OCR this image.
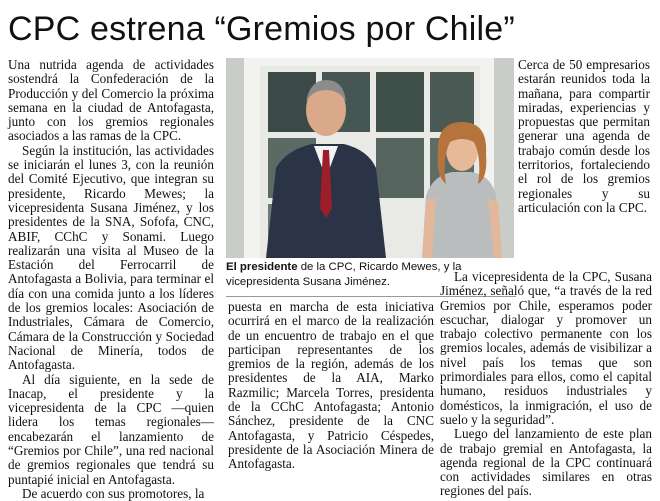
CPC estrena “Gremios por Chile”

Una nutrida agenda de actividades sostendrá la Confederación de la Producción y del Comercio la próxima semana en la ciudad de Antofagasta, junto con los gremios regionales asociados a las ramas de la CPC.

Según la institución, las actividades se iniciarán el lunes 3, con la reunión del Comité Ejecutivo, que integran su presidente, Ricardo Mewes; la vicepresidenta Susana Jiménez, y los presidentes de la SNA, Sofofa, CNC, ABIF, CChC y Sonami. Luego realizarán una visita al Museo de la Estación del Ferrocarril de Antofagasta a Bolivia, para terminar el día con una comida junto a los líderes de los gremios locales: Asociación de Industriales, Cámara de Comercio, Cámara de la Construcción y Sociedad Nacional de Minería, todos de Antofagasta.

Al día siguiente, en la sede de Inacap, el presidente y la vicepresidenta de la CPC —quien lidera los temas regionales— encabezarán el lanzamiento de “Gremios por Chile”, una red nacional de gremios regionales que tendrá su puntapié inicial en Antofagasta.

De acuerdo con sus promotores, la

El presidente de la CPC, Ricardo Mewes, y la vicepresidenta Susana Jiménez.

puesta en marcha de esta iniciativa ocurrirá en el marco de la realización de un encuentro de trabajo en el que participan representantes de los gremios de la región, además de los presidentes de la AIA, Marko Razmilic; Marcela Torres, presidenta de la CChC Antofagasta; Antonio Sánchez, presidente de la CNC Antofagasta, y Patricio Céspedes, presidente de la Asociación Minera de Antofagasta.

Cerca de 50 empresarios estarán reunidos toda la mañana, para compartir miradas, experiencias y propuestas que permitan generar una agenda de trabajo común desde los territorios, fortaleciendo el rol de los gremios regionales y su articulación con la CPC.

La vicepresidenta de la CPC, Susana Jiménez, señaló que, “a través de la red Gremios por Chile, esperamos poder escuchar, dialogar y promover un trabajo colectivo permanente con los gremios locales, además de visibilizar a nivel país los temas que son primordiales para ellos, como el capital humano, residuos industriales y domésticos, la inmigración, el uso de suelo y la seguridad”.

Luego del lanzamiento de este plan de trabajo gremial en Antofagasta, la agenda regional de la CPC continuará con actividades similares en otras regiones del país.
